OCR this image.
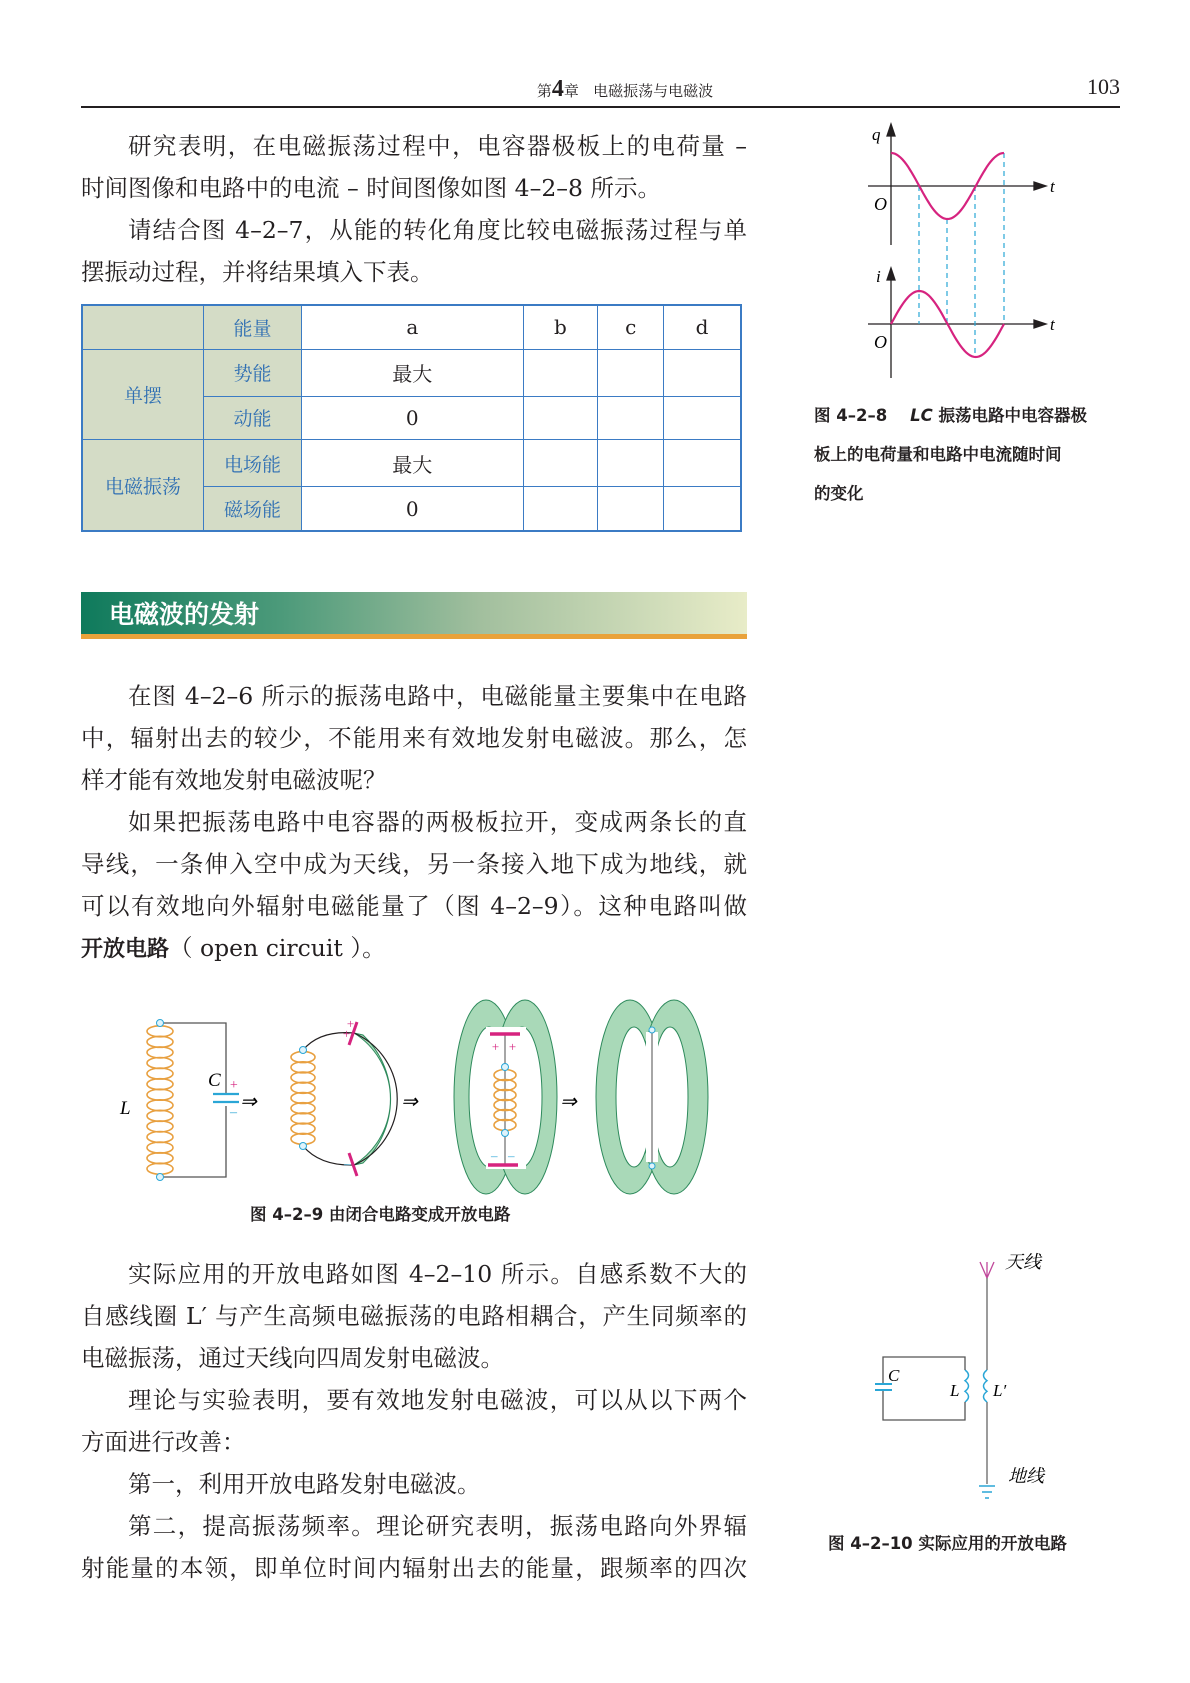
第4章 电磁振荡与电磁波	103
研究表明，在电磁振荡过程中，电容器极板上的电荷量 –
时间图像和电路中的电流 – 时间图像如图 4–2–8 所示。
请结合图 4–2–7，从能的转化角度比较电磁振荡过程与单
摆振动过程，并将结果填入下表。
	能量	a	b	c	d
单摆	势能	最大			
	动能	0			
电磁振荡	电场能	最大			
	磁场能	0			
q
O
t
i
O
t
图 4–2–8 LC 振荡电路中电容器极
板上的电荷量和电路中电流随时间
的变化
电磁波的发射
在图 4–2–6 所示的振荡电路中，电磁能量主要集中在电路
中，辐射出去的较少，不能用来有效地发射电磁波。那么，怎
样才能有效地发射电磁波呢？
如果把振荡电路中电容器的两极板拉开，变成两条长的直
导线，一条伸入空中成为天线，另一条接入地下成为地线，就
可以有效地向外辐射电磁能量了（图 4–2–9）。这种电路叫做
开放电路（ open circuit ）。
L
C +
– ⇒
+
+
–
⇒
+ +
– –
⇒
图 4–2–9 由闭合电路变成开放电路
实际应用的开放电路如图 4–2–10 所示。自感系数不大的
自感线圈 L′ 与产生高频电磁振荡的电路相耦合，产生同频率的
电磁振荡，通过天线向四周发射电磁波。
理论与实验表明，要有效地发射电磁波，可以从以下两个
方面进行改善：
第一，利用开放电路发射电磁波。
第二，提高振荡频率。理论研究表明，振荡电路向外界辐
射能量的本领，即单位时间内辐射出去的能量，跟频率的四次
C
L L′
天线
地线
图 4–2–10 实际应用的开放电路
